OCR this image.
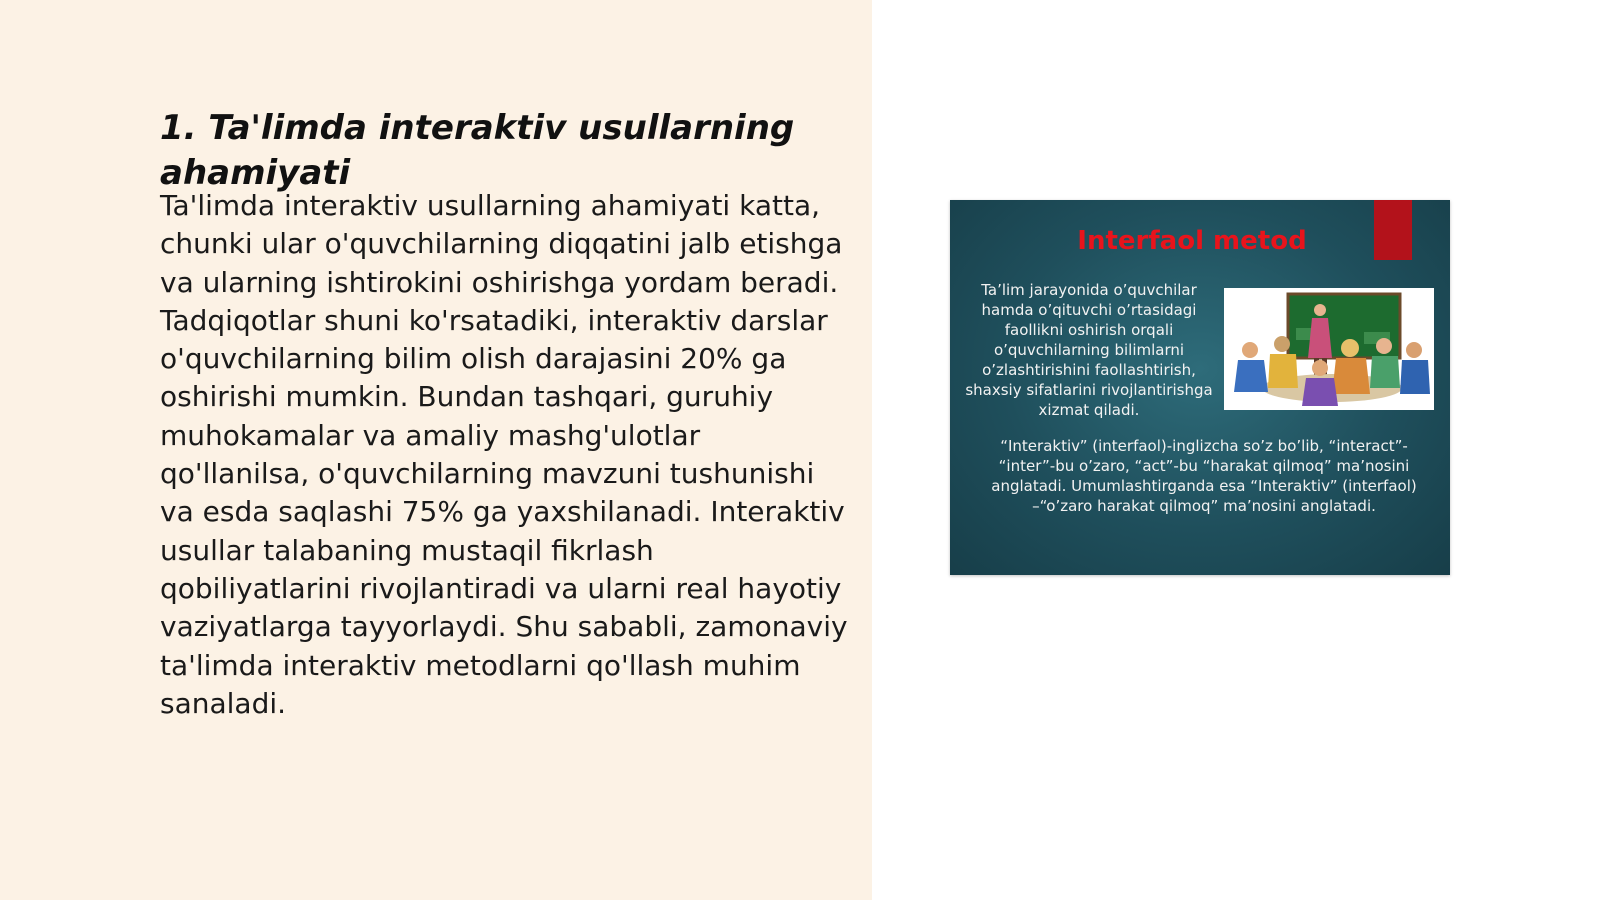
1. Ta'limda interaktiv usullarning ahamiyati

Ta'limda interaktiv usullarning ahamiyati katta, chunki ular o'quvchilarning diqqatini jalb etishga va ularning ishtirokini oshirishga yordam beradi. Tadqiqotlar shuni ko'rsatadiki, interaktiv darslar o'quvchilarning bilim olish darajasini 20% ga oshirishi mumkin. Bundan tashqari, guruhiy muhokamalar va amaliy mashg'ulotlar qo'llanilsa, o'quvchilarning mavzuni tushunishi va esda saqlashi 75% ga yaxshilanadi. Interaktiv usullar talabaning mustaqil fikrlash qobiliyatlarini rivojlantiradi va ularni real hayotiy vaziyatlarga tayyorlaydi. Shu sababli, zamonaviy ta'limda interaktiv metodlarni qo'llash muhim sanaladi.

Interfaol metod
Ta’lim jarayonida o’quvchilar hamda o’qituvchi o’rtasidagi faollikni oshirish orqali o’quvchilarning bilimlarni o’zlashtirishini faollashtirish, shaxsiy sifatlarini rivojlantirishga xizmat qiladi.
“Interaktiv” (interfaol)-inglizcha so’z bo’lib, “interact”- “inter”-bu o’zaro, “act”-bu “harakat qilmoq” ma’nosini anglatadi. Umumlashtirganda esa “Interaktiv” (interfaol) –“o’zaro harakat qilmoq” ma’nosini anglatadi.
